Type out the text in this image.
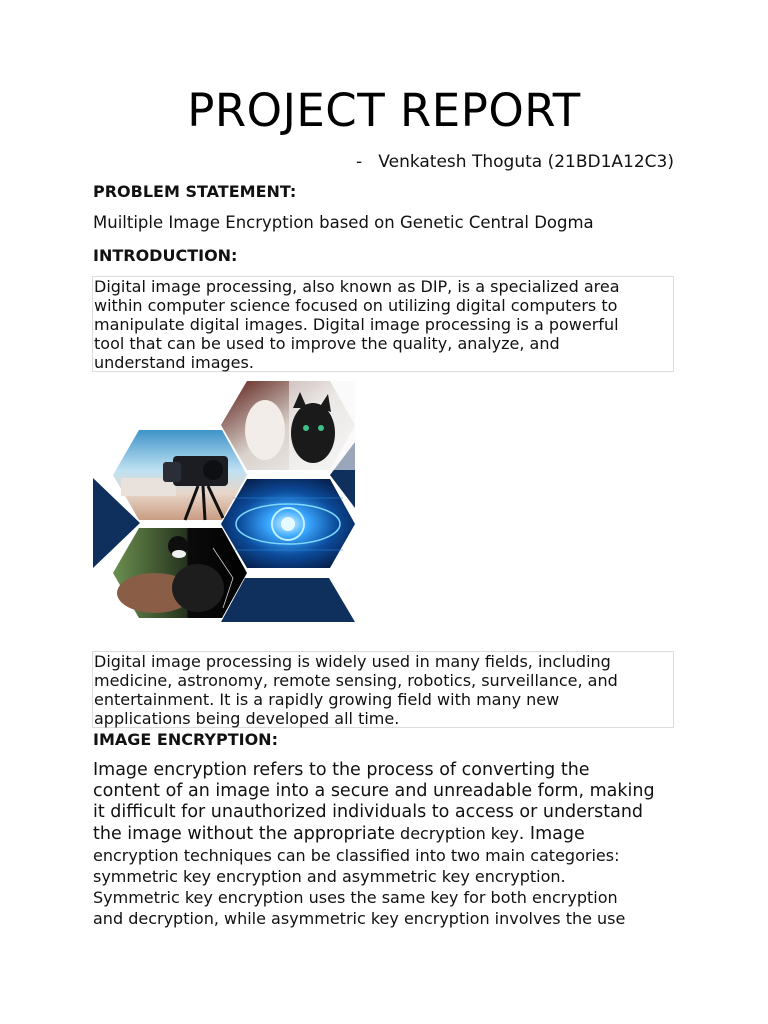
PROJECT REPORT
-   Venkatesh Thoguta (21BD1A12C3)
PROBLEM STATEMENT:
Muiltiple Image Encryption based on Genetic Central Dogma
INTRODUCTION:
Digital image processing, also known as DIP, is a specialized area
within computer science focused on utilizing digital computers to
manipulate digital images. Digital image processing is a powerful
tool that can be used to improve the quality, analyze, and
understand images.
Digital image processing is widely used in many fields, including
medicine, astronomy, remote sensing, robotics, surveillance, and
entertainment. It is a rapidly growing field with many new
applications being developed all time.
IMAGE ENCRYPTION:
Image encryption refers to the process of converting the
content of an image into a secure and unreadable form, making
it difficult for unauthorized individuals to access or understand
the image without the appropriate decryption key. Image
encryption techniques can be classified into two main categories:
symmetric key encryption and asymmetric key encryption.
Symmetric key encryption uses the same key for both encryption
and decryption, while asymmetric key encryption involves the use
